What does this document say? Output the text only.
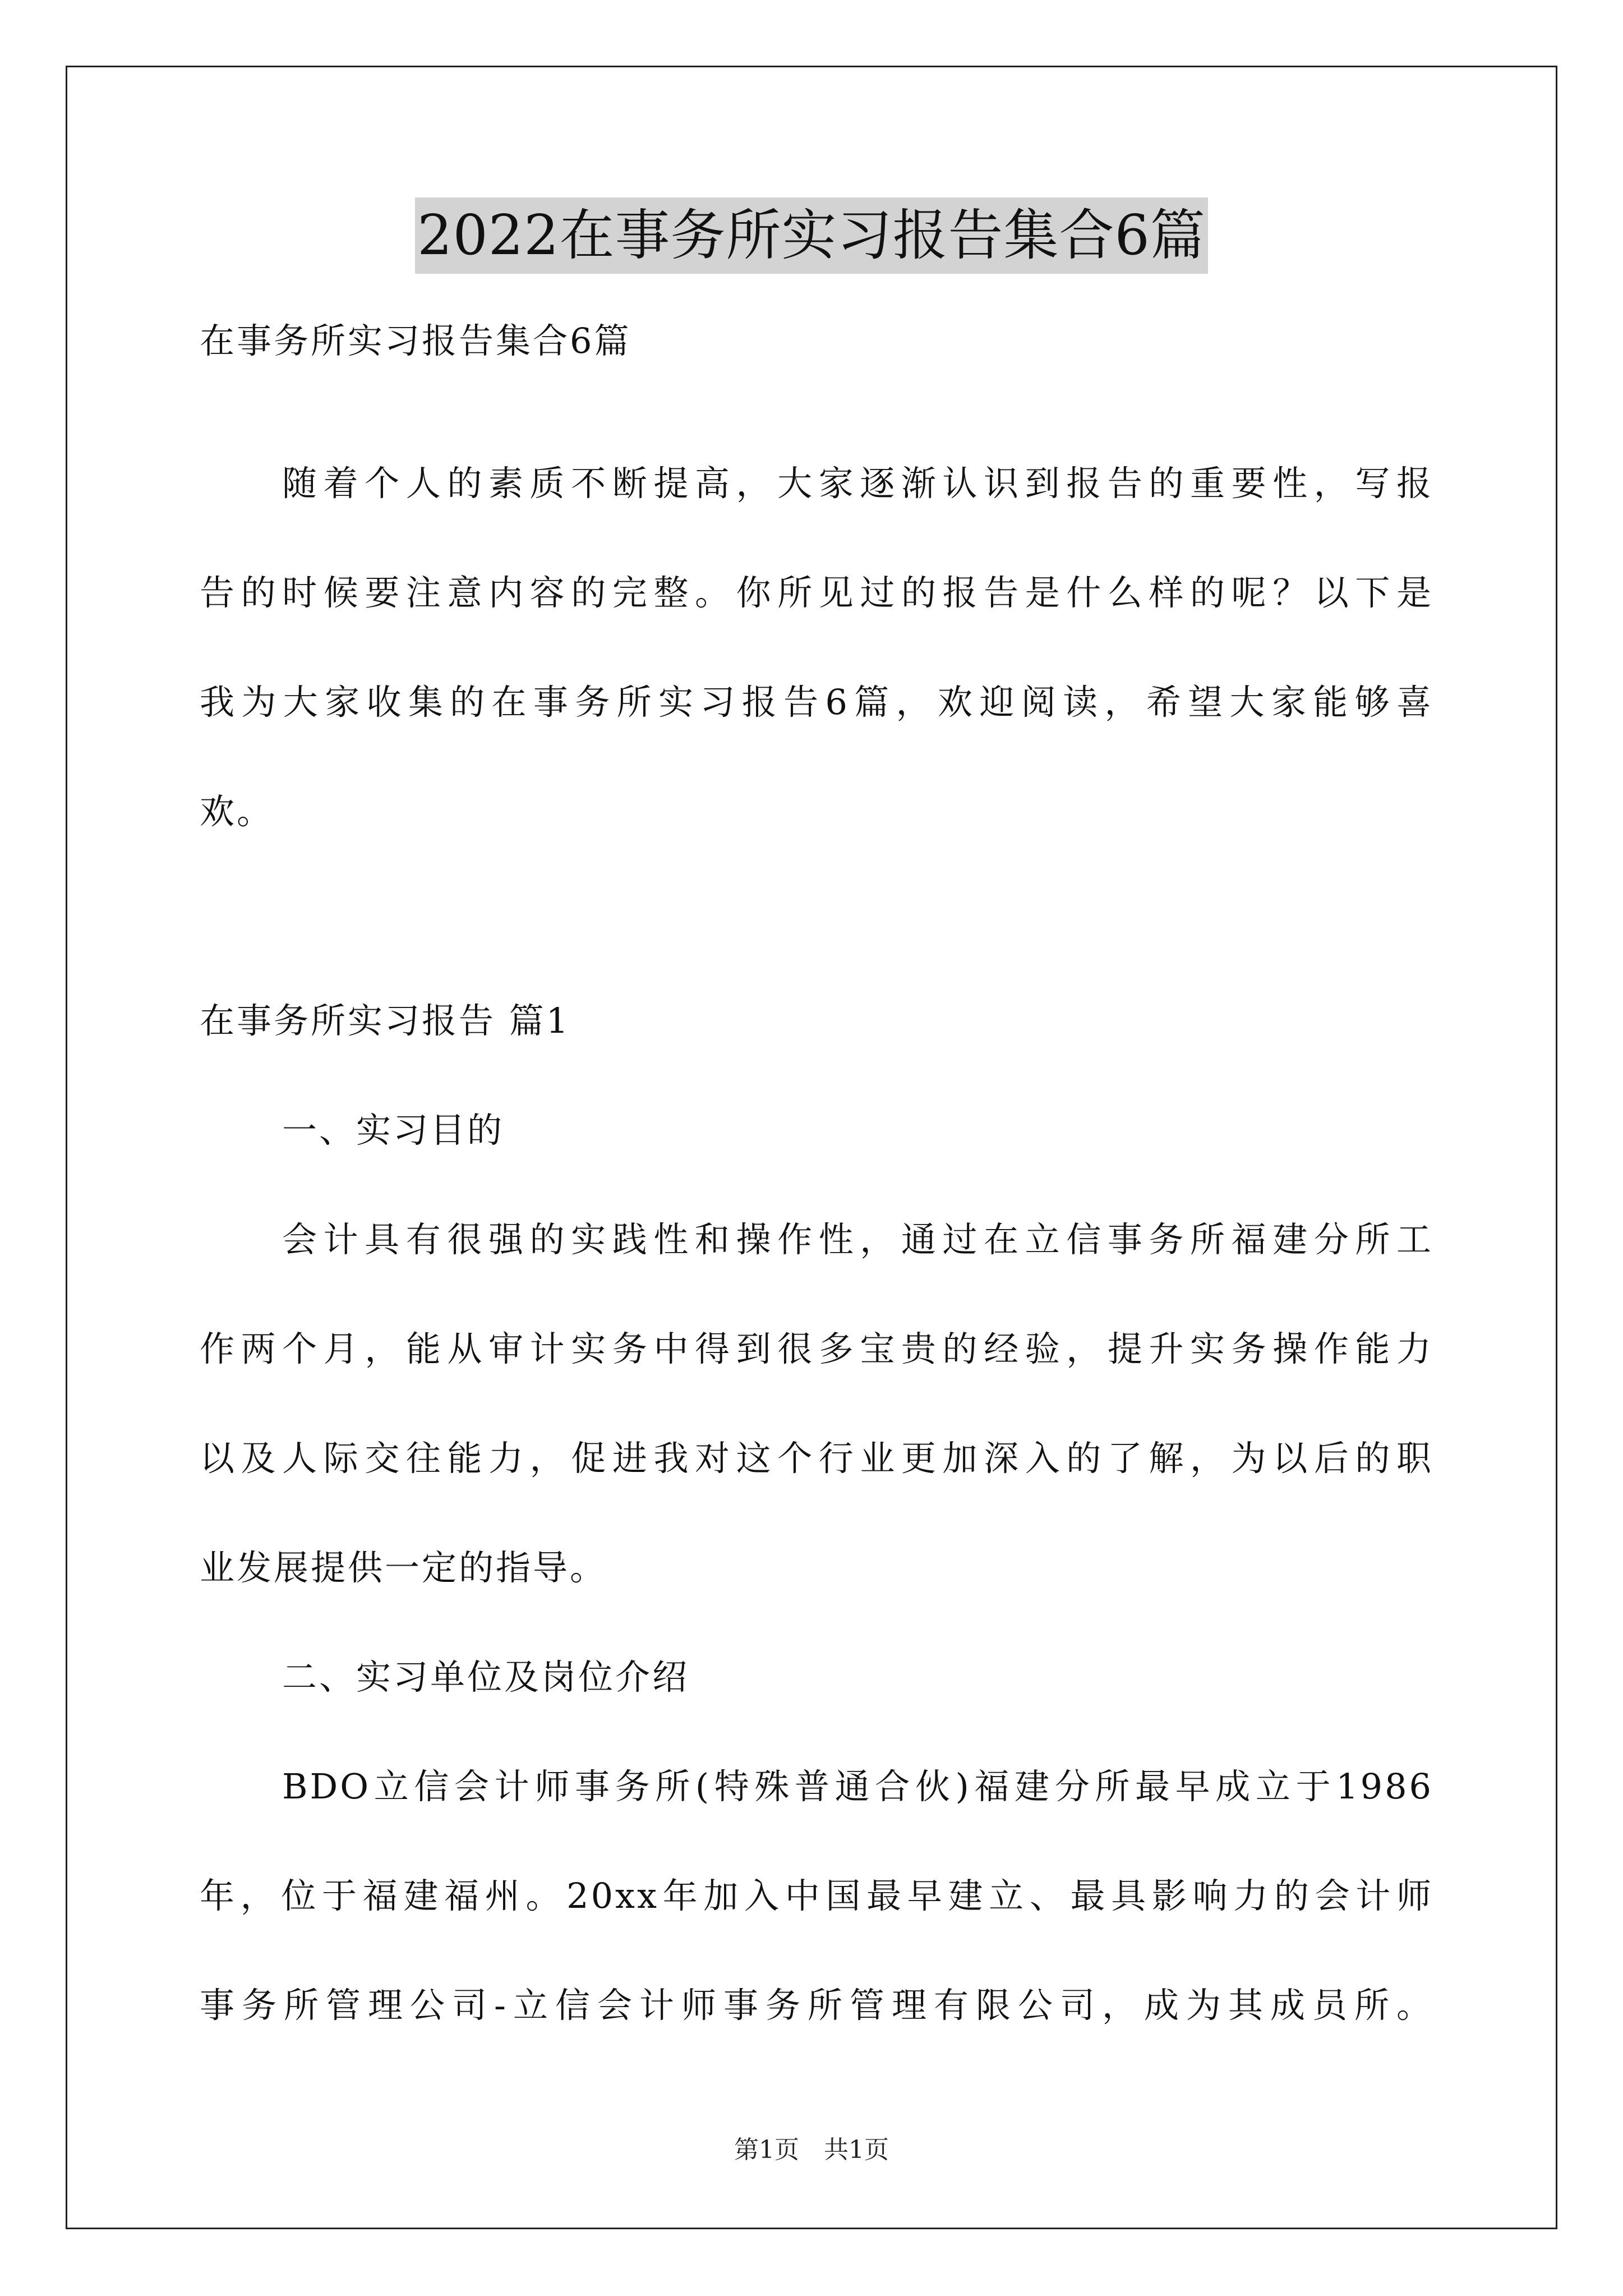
2022在事务所实习报告集合6篇
在事务所实习报告集合6篇
随着个人的素质不断提高，大家逐渐认识到报告的重要性，写报
告的时候要注意内容的完整。你所见过的报告是什么样的呢？以下是
我为大家收集的在事务所实习报告6篇，欢迎阅读，希望大家能够喜
欢。
在事务所实习报告 篇1
一、实习目的
会计具有很强的实践性和操作性，通过在立信事务所福建分所工
作两个月，能从审计实务中得到很多宝贵的经验，提升实务操作能力
以及人际交往能力，促进我对这个行业更加深入的了解，为以后的职
业发展提供一定的指导。
二、实习单位及岗位介绍
BDO立信会计师事务所(特殊普通合伙)福建分所最早成立于1986
年，位于福建福州。20xx年加入中国最早建立、最具影响力的会计师
事务所管理公司-立信会计师事务所管理有限公司，成为其成员所。
第1页　共1页
